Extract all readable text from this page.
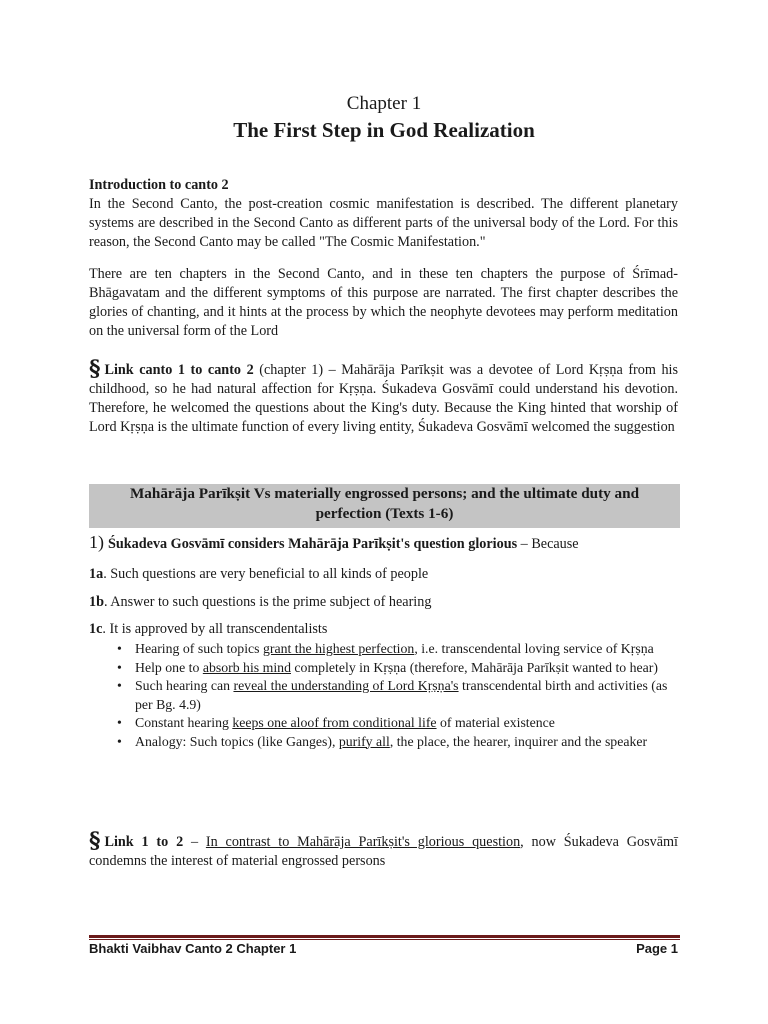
Chapter 1
The First Step in God Realization
Introduction to canto 2

In the Second Canto, the post-creation cosmic manifestation is described. The different planetary systems are described in the Second Canto as different parts of the universal body of the Lord. For this reason, the Second Canto may be called "The Cosmic Manifestation."

There are ten chapters in the Second Canto, and in these ten chapters the purpose of Śrīmad-Bhāgavatam and the different symptoms of this purpose are narrated. The first chapter describes the glories of chanting, and it hints at the process by which the neophyte devotees may perform meditation on the universal form of the Lord

§ Link canto 1 to canto 2 (chapter 1) – Mahārāja Parīkṣit was a devotee of Lord Kṛṣṇa from his childhood, so he had natural affection for Kṛṣṇa. Śukadeva Gosvāmī could understand his devotion. Therefore, he welcomed the questions about the King's duty. Because the King hinted that worship of Lord Kṛṣṇa is the ultimate function of every living entity, Śukadeva Gosvāmī welcomed the suggestion

Mahārāja Parīkṣit Vs materially engrossed persons; and the ultimate duty and
perfection (Texts 1-6)
1) Śukadeva Gosvāmī considers Mahārāja Parīkṣit's question glorious – Because
1a. Such questions are very beneficial to all kinds of people
1b. Answer to such questions is the prime subject of hearing
1c. It is approved by all transcendentalists
• Hearing of such topics grant the highest perfection, i.e. transcendental loving service of Kṛṣṇa
• Help one to absorb his mind completely in Kṛṣṇa (therefore, Mahārāja Parīkṣit wanted to hear)
• Such hearing can reveal the understanding of Lord Kṛṣṇa's transcendental birth and activities (as per Bg. 4.9)
• Constant hearing keeps one aloof from conditional life of material existence
• Analogy: Such topics (like Ganges), purify all, the place, the hearer, inquirer and the speaker

§ Link 1 to 2 – In contrast to Mahārāja Parīkṣit's glorious question, now Śukadeva Gosvāmī condemns the interest of material engrossed persons

Bhakti Vaibhav Canto 2 Chapter 1	Page 1
